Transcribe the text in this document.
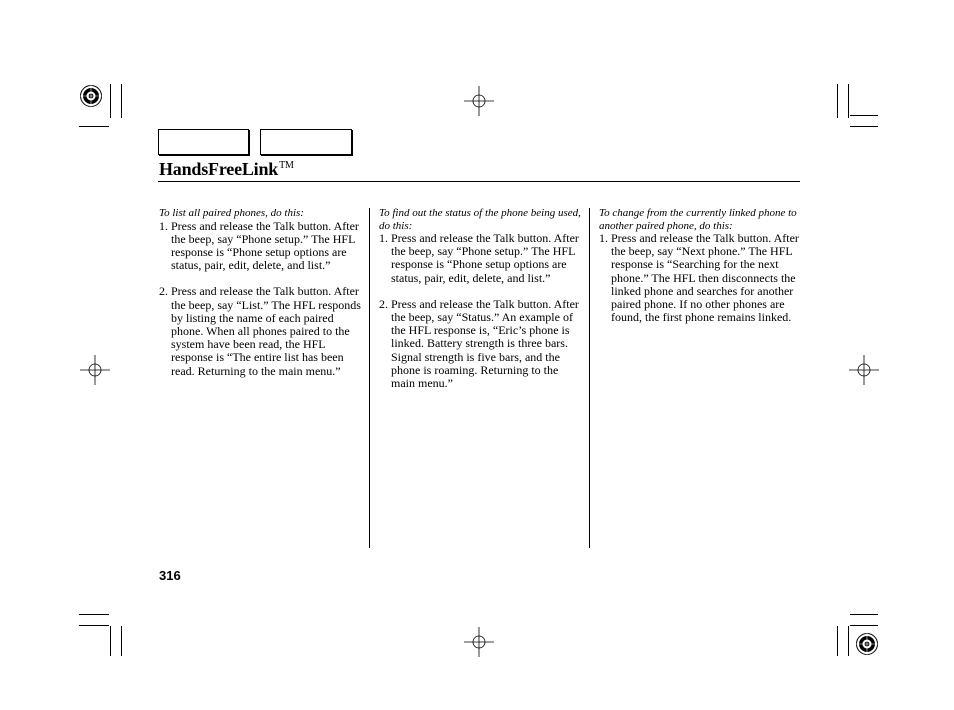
HandsFreeLink™
To list all paired phones, do this:
1. Press and release the Talk button. After the beep, say “Phone setup.” The HFL response is “Phone setup options are status, pair, edit, delete, and list.”
2. Press and release the Talk button. After the beep, say “List.” The HFL responds by listing the name of each paired phone. When all phones paired to the system have been read, the HFL response is “The entire list has been read. Returning to the main menu.”
To find out the status of the phone being used, do this:
1. Press and release the Talk button. After the beep, say “Phone setup.” The HFL response is “Phone setup options are status, pair, edit, delete, and list.”
2. Press and release the Talk button. After the beep, say “Status.” An example of the HFL response is, “Eric’s phone is linked. Battery strength is three bars. Signal strength is five bars, and the phone is roaming. Returning to the main menu.”
To change from the currently linked phone to another paired phone, do this:
1. Press and release the Talk button. After the beep, say “Next phone.” The HFL response is “Searching for the next phone.” The HFL then disconnects the linked phone and searches for another paired phone. If no other phones are found, the first phone remains linked.
316
